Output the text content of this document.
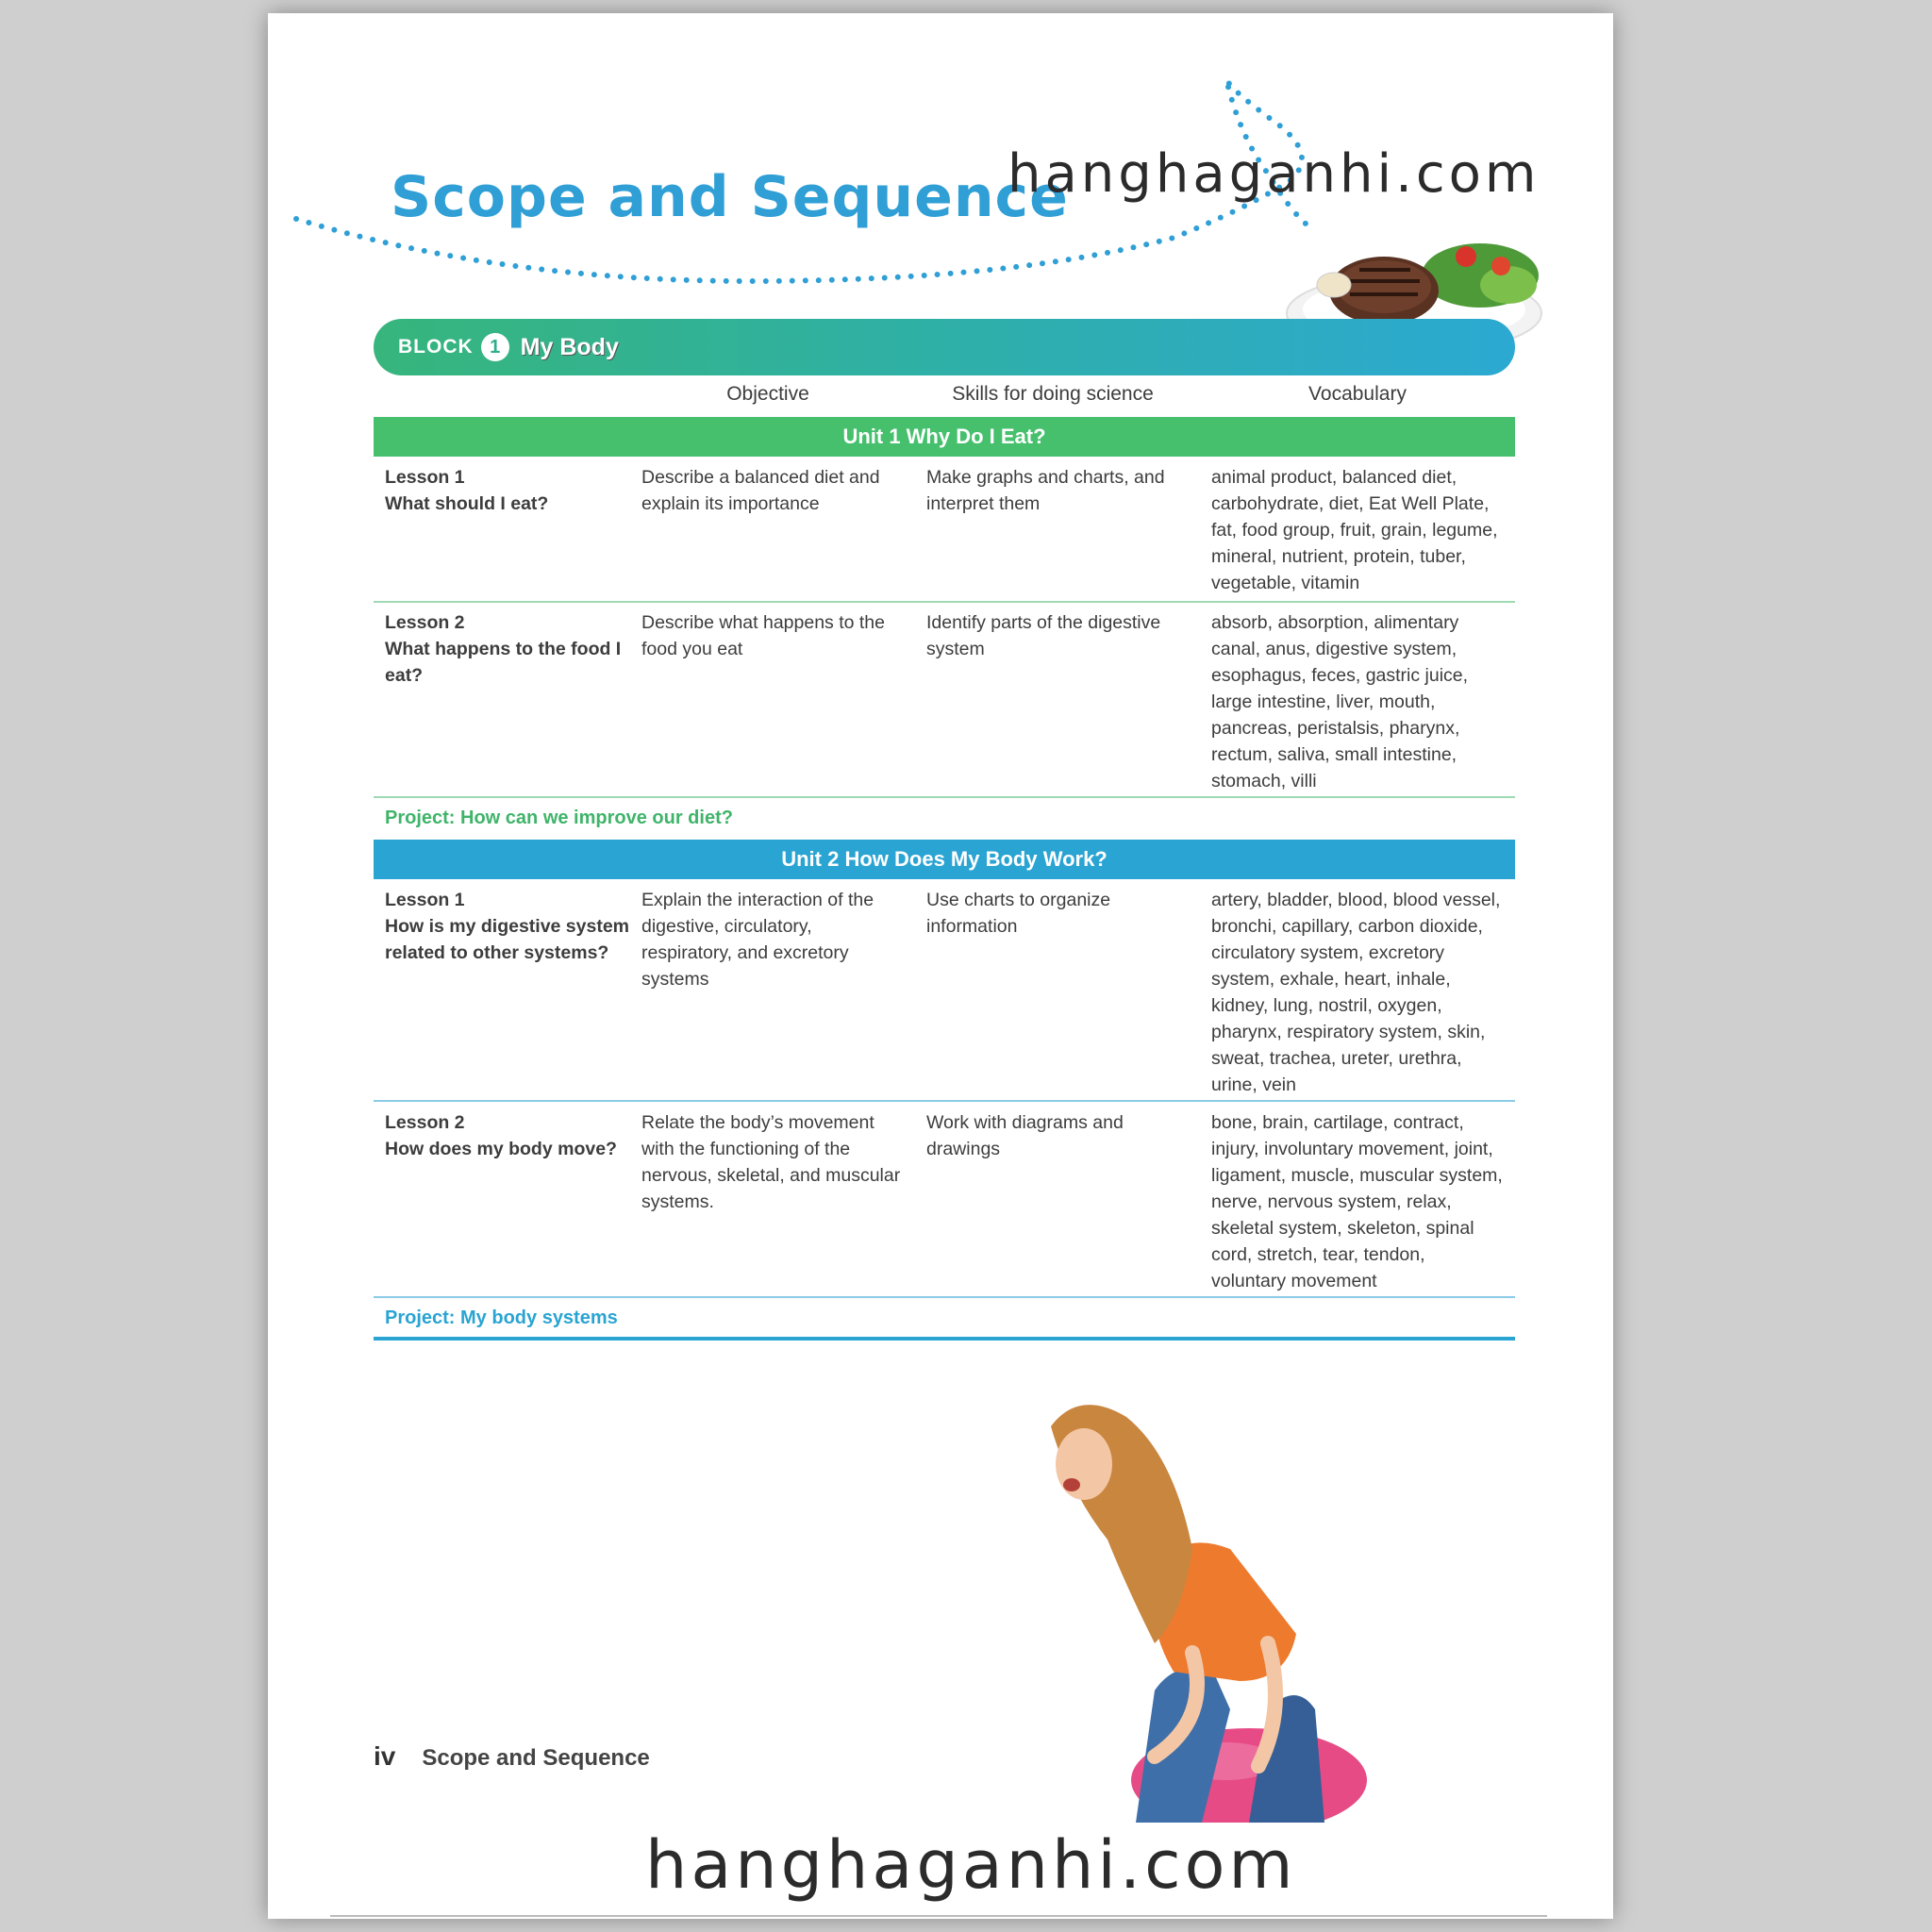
Scope and Sequence
hanghaganhi.com
BLOCK 1 My Body
Objective	Skills for doing science	Vocabulary
Unit 1 Why Do I Eat?
Lesson 1
What should I eat?
Describe a balanced diet and explain its importance
Make graphs and charts, and interpret them
animal product, balanced diet, carbohydrate, diet, Eat Well Plate, fat, food group, fruit, grain, legume, mineral, nutrient, protein, tuber, vegetable, vitamin
Lesson 2
What happens to the food I eat?
Describe what happens to the food you eat
Identify parts of the digestive system
absorb, absorption, alimentary canal, anus, digestive system, esophagus, feces, gastric juice, large intestine, liver, mouth, pancreas, peristalsis, pharynx, rectum, saliva, small intestine, stomach, villi
Project: How can we improve our diet?
Unit 2 How Does My Body Work?
Lesson 1
How is my digestive system related to other systems?
Explain the interaction of the digestive, circulatory, respiratory, and excretory systems
Use charts to organize information
artery, bladder, blood, blood vessel, bronchi, capillary, carbon dioxide, circulatory system, excretory system, exhale, heart, inhale, kidney, lung, nostril, oxygen, pharynx, respiratory system, skin, sweat, trachea, ureter, urethra, urine, vein
Lesson 2
How does my body move?
Relate the body’s movement with the functioning of the nervous, skeletal, and muscular systems.
Work with diagrams and drawings
bone, brain, cartilage, contract, injury, involuntary movement, joint, ligament, muscle, muscular system, nerve, nervous system, relax, skeletal system, skeleton, spinal cord, stretch, tear, tendon, voluntary movement
Project: My body systems
iv Scope and Sequence
hanghaganhi.com
